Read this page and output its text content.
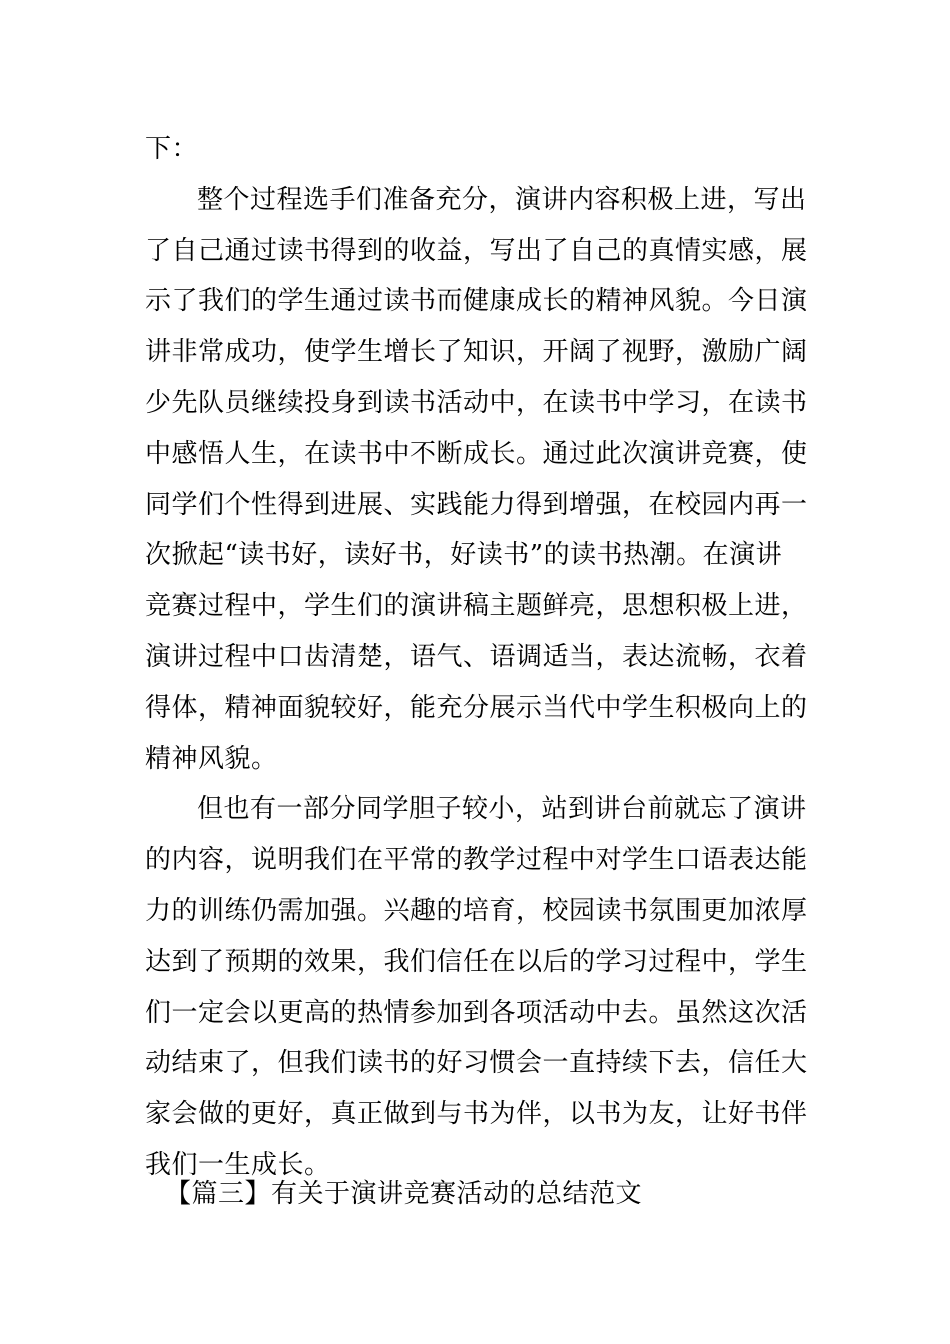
下：
整个过程选手们准备充分，演讲内容积极上进，写出
了自己通过读书得到的收益，写出了自己的真情实感，展
示了我们的学生通过读书而健康成长的精神风貌。今日演
讲非常成功，使学生增长了知识，开阔了视野，激励广阔
少先队员继续投身到读书活动中，在读书中学习，在读书
中感悟人生，在读书中不断成长。通过此次演讲竞赛，使
同学们个性得到进展、实践能力得到增强，在校园内再一
次掀起“读书好，读好书，好读书”的读书热潮。在演讲
竞赛过程中，学生们的演讲稿主题鲜亮，思想积极上进，
演讲过程中口齿清楚，语气、语调适当，表达流畅，衣着
得体，精神面貌较好，能充分展示当代中学生积极向上的
精神风貌。
但也有一部分同学胆子较小，站到讲台前就忘了演讲
的内容，说明我们在平常的教学过程中对学生口语表达能
力的训练仍需加强。兴趣的培育，校园读书氛围更加浓厚
达到了预期的效果，我们信任在以后的学习过程中，学生
们一定会以更高的热情参加到各项活动中去。虽然这次活
动结束了，但我们读书的好习惯会一直持续下去，信任大
家会做的更好，真正做到与书为伴，以书为友，让好书伴
我们一生成长。
【篇三】有关于演讲竞赛活动的总结范文
